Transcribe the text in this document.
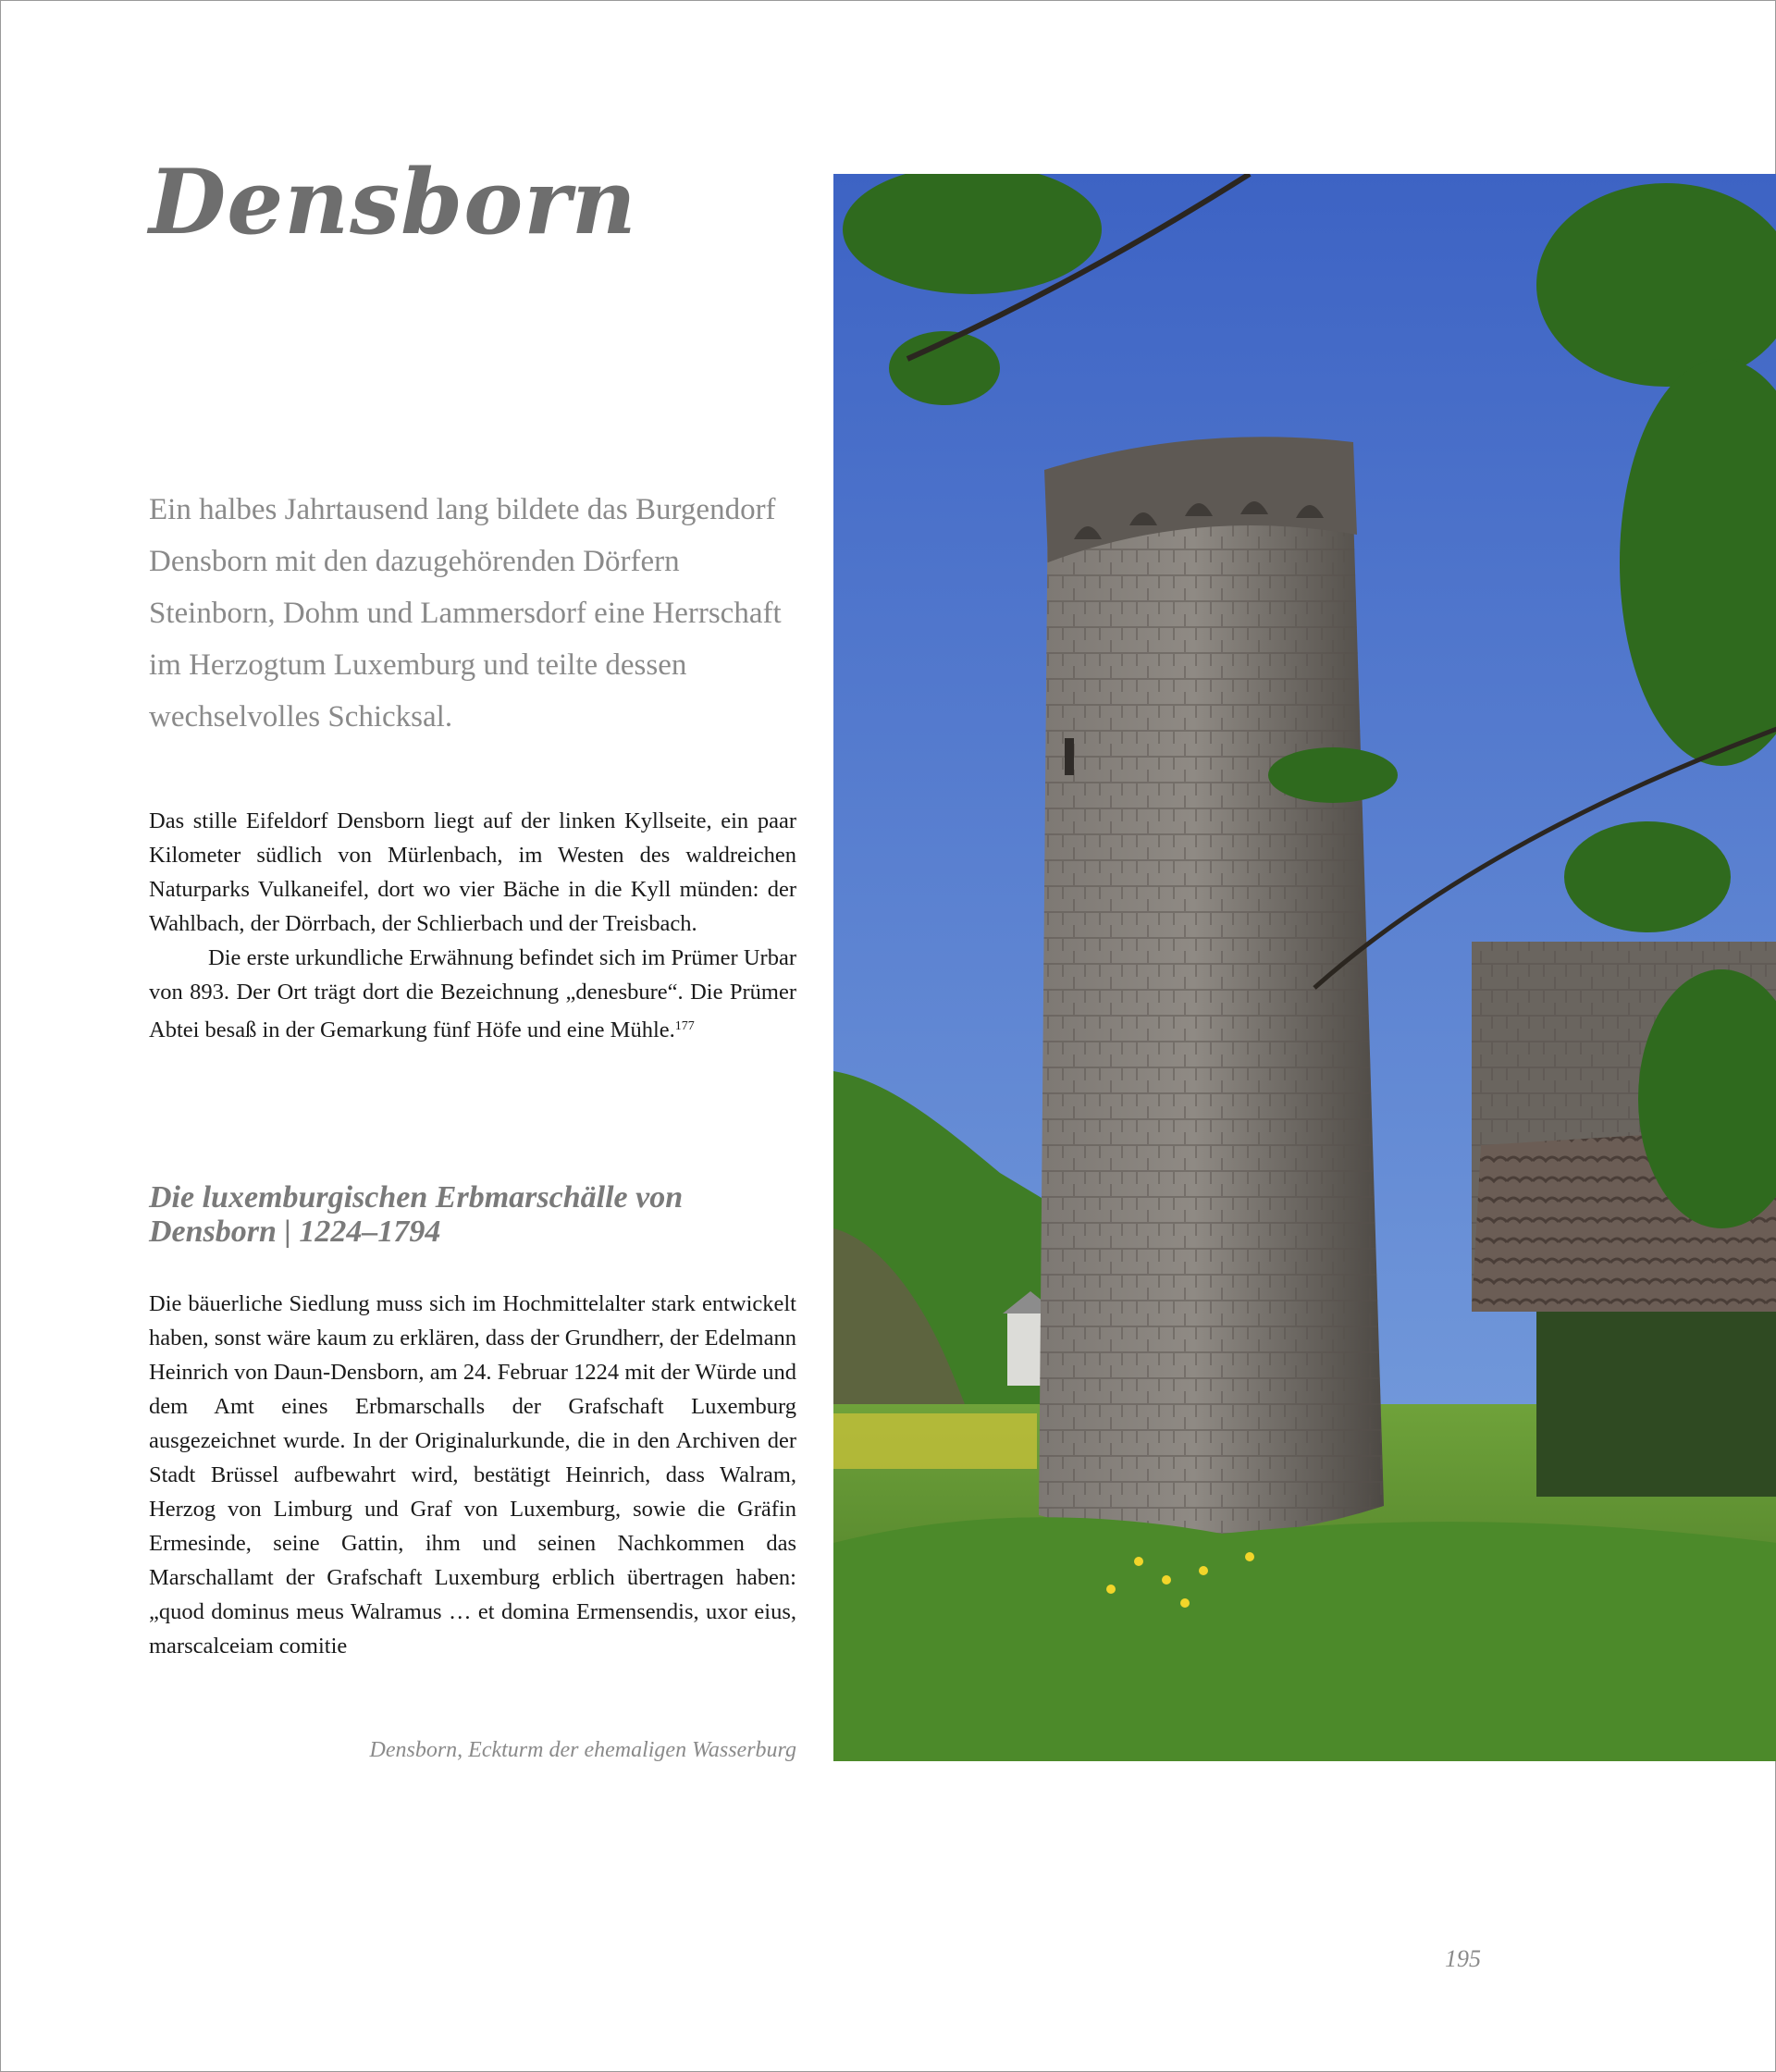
Densborn

Ein halbes Jahrtausend lang bildete das Burgendorf Densborn mit den dazugehörenden Dörfern Steinborn, Dohm und Lammersdorf eine Herrschaft im Herzogtum Luxemburg und teilte dessen wechselvolles Schicksal.

Das stille Eifeldorf Densborn liegt auf der linken Kyllseite, ein paar Kilometer südlich von Mürlenbach, im Westen des waldreichen Naturparks Vulkaneifel, dort wo vier Bäche in die Kyll münden: der Wahlbach, der Dörrbach, der Schlierbach und der Treisbach.

Die erste urkundliche Erwähnung befindet sich im Prümer Urbar von 893. Der Ort trägt dort die Bezeichnung „denesbure“. Die Prümer Abtei besaß in der Gemarkung fünf Höfe und eine Mühle.$^{177}$

Die luxemburgischen Erbmarschälle von Densborn | 1224–1794

Die bäuerliche Siedlung muss sich im Hochmittelalter stark entwickelt haben, sonst wäre kaum zu erklären, dass der Grundherr, der Edelmann Heinrich von Daun-Densborn, am 24. Februar 1224 mit der Würde und dem Amt eines Erbmarschalls der Grafschaft Luxemburg ausgezeichnet wurde. In der Originalurkunde, die in den Archiven der Stadt Brüssel aufbewahrt wird, bestätigt Heinrich, dass Walram, Herzog von Limburg und Graf von Luxemburg, sowie die Gräfin Ermesinde, seine Gattin, ihm und seinen Nachkommen das Marschallamt der Grafschaft Luxemburg erblich übertragen haben: „quod dominus meus Walramus … et domina Ermensendis, uxor eius, marscalceiam comitie

Densborn, Eckturm der ehemaligen Wasserburg

195
